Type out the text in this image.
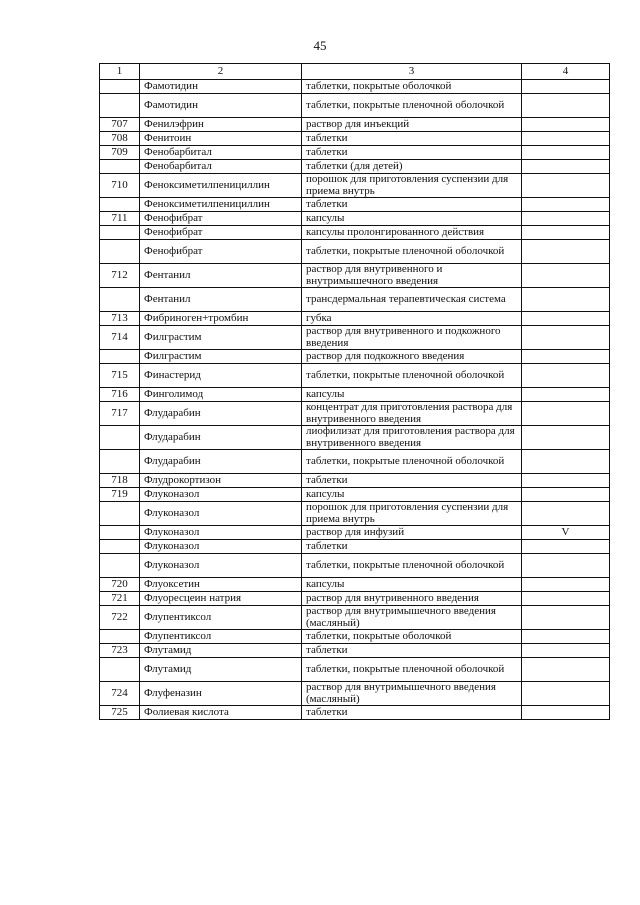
45
1	2	3	4
	Фамотидин	таблетки, покрытые оболочкой	
	Фамотидин	таблетки, покрытые пленочной оболочкой	
707	Фенилэфрин	раствор для инъекций	
708	Фенитоин	таблетки	
709	Фенобарбитал	таблетки	
	Фенобарбитал	таблетки (для детей)	
710	Феноксиметилпенициллин	порошок для приготовления суспензии для приема внутрь	
	Феноксиметилпенициллин	таблетки	
711	Фенофибрат	капсулы	
	Фенофибрат	капсулы пролонгированного действия	
	Фенофибрат	таблетки, покрытые пленочной оболочкой	
712	Фентанил	раствор для внутривенного и внутримышечного введения	
	Фентанил	трансдермальная терапевтическая система	
713	Фибриноген+тромбин	губка	
714	Филграстим	раствор для внутривенного и подкожного введения	
	Филграстим	раствор для подкожного введения	
715	Финастерид	таблетки, покрытые пленочной оболочкой	
716	Финголимод	капсулы	
717	Флударабин	концентрат для приготовления раствора для внутривенного введения	
	Флударабин	лиофилизат для приготовления раствора для внутривенного введения	
	Флударабин	таблетки, покрытые пленочной оболочкой	
718	Флудрокортизон	таблетки	
719	Флуконазол	капсулы	
	Флуконазол	порошок для приготовления суспензии для приема внутрь	
	Флуконазол	раствор для инфузий	V
	Флуконазол	таблетки	
	Флуконазол	таблетки, покрытые пленочной оболочкой	
720	Флуоксетин	капсулы	
721	Флуоресцеин натрия	раствор для внутривенного введения	
722	Флупентиксол	раствор для внутримышечного введения (масляный)	
	Флупентиксол	таблетки, покрытые оболочкой	
723	Флутамид	таблетки	
	Флутамид	таблетки, покрытые пленочной оболочкой	
724	Флуфеназин	раствор для внутримышечного введения (масляный)	
725	Фолиевая кислота	таблетки	
